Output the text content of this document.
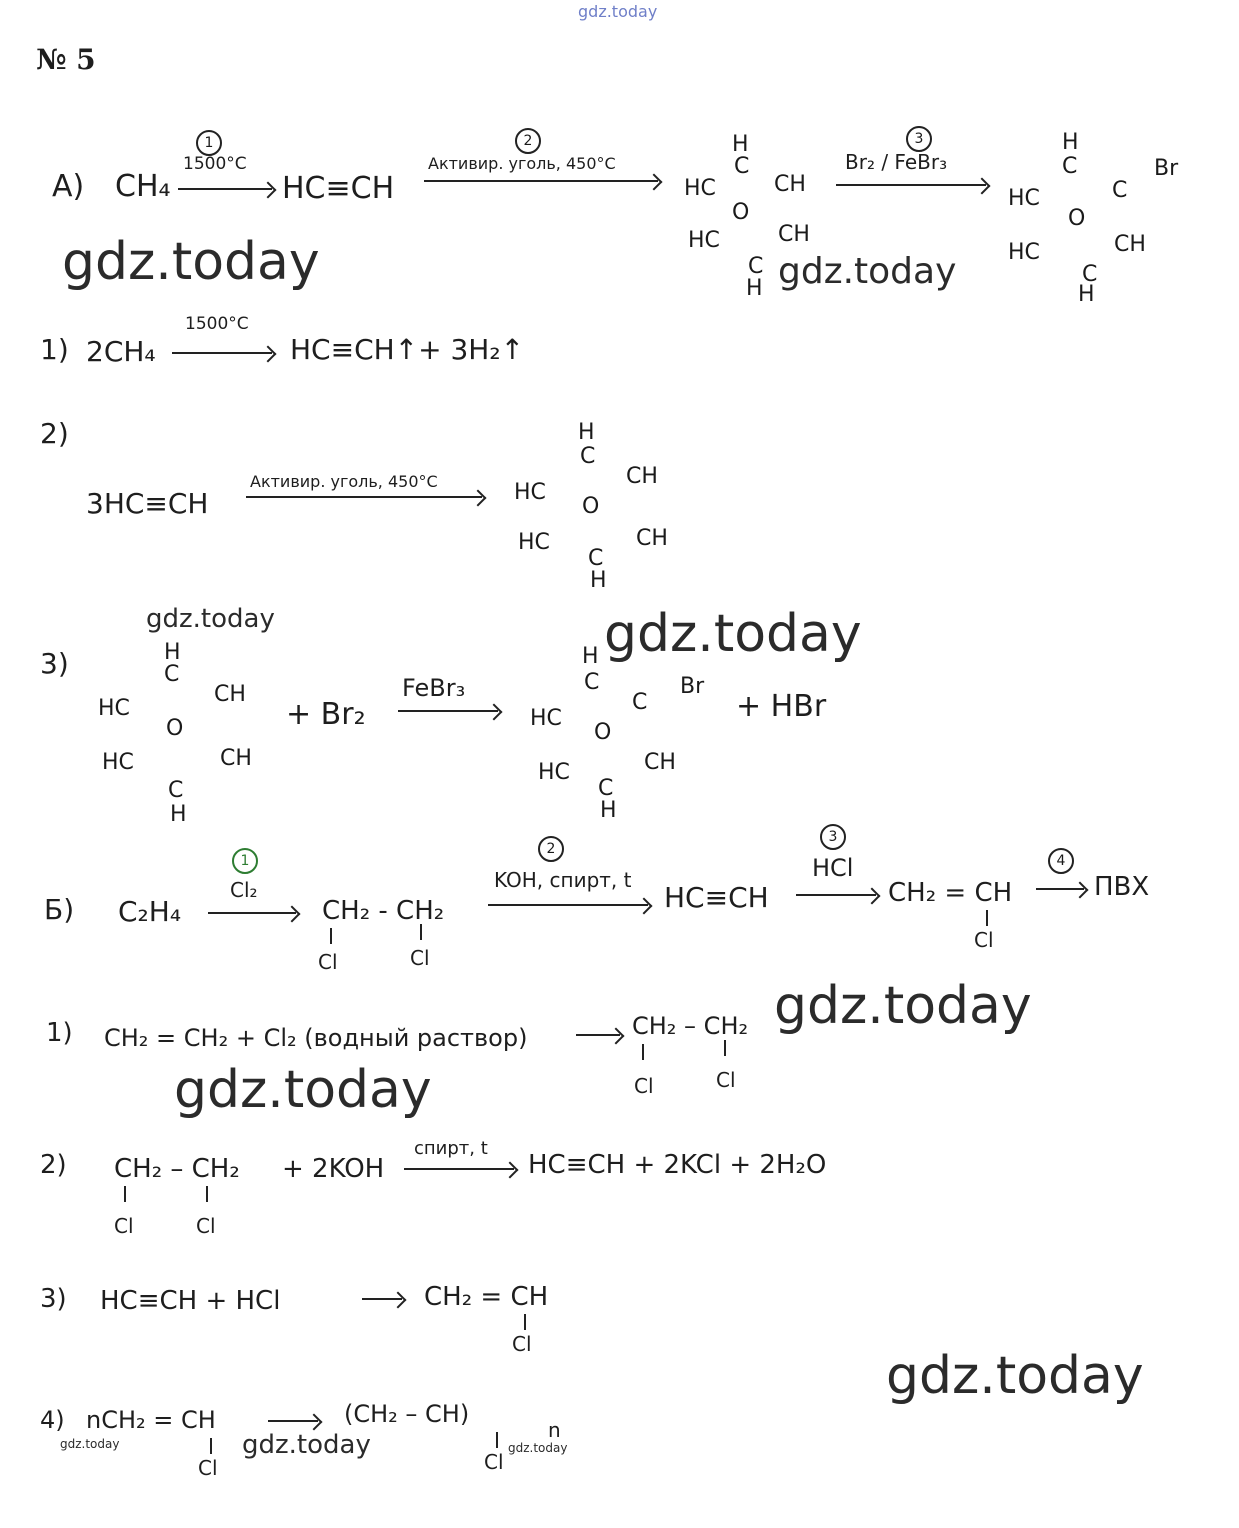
gdz.today
№ 5
А) CH₄
1
1500°C
HC≡CH
2
Активир. уголь, 450°C
H
C
HC	CH
O
HC	CH
C
H
3
Br₂ / FeBr₃
H
C
HC	C
Br
O
HC	CH
C
H
1) 2CH₄
1500°C
HC≡CH↑+ 3H₂↑
2)
3HC≡CH
Активир. уголь, 450°C
H
C
HC
CH
O
HC	CH
C
H
3)	H
C
HC
CH
O
HC	CH
C
H
+ Br₂
FeBr₃
H
C
HC
C
Br
O
HC	CH
C
H
+ HBr
Б) C₂H₄
1
Cl₂
CH₂ - CH₂
Cl	Cl
2
KOH, спирт, t
HC≡CH
3
HCl
CH₂ = CH
Cl
4
ПВХ
1) CH₂ = CH₂ + Cl₂ (водный раствор)	CH₂ – CH₂
Cl	Cl
2) CH₂ – CH₂
Cl	Cl
+ 2KOH
спирт, t
HC≡CH + 2KCl + 2H₂O
3) HC≡CH + HCl	CH₂ = CH
Cl
4) nCH₂ = CH
Cl
(CH₂ – CH)
n
Cl
gdz.today	gdz.today
gdz.today	gdz.today
gdz.today
gdz.today
gdz.today
gdz.today	gdz.today	gdz.today
